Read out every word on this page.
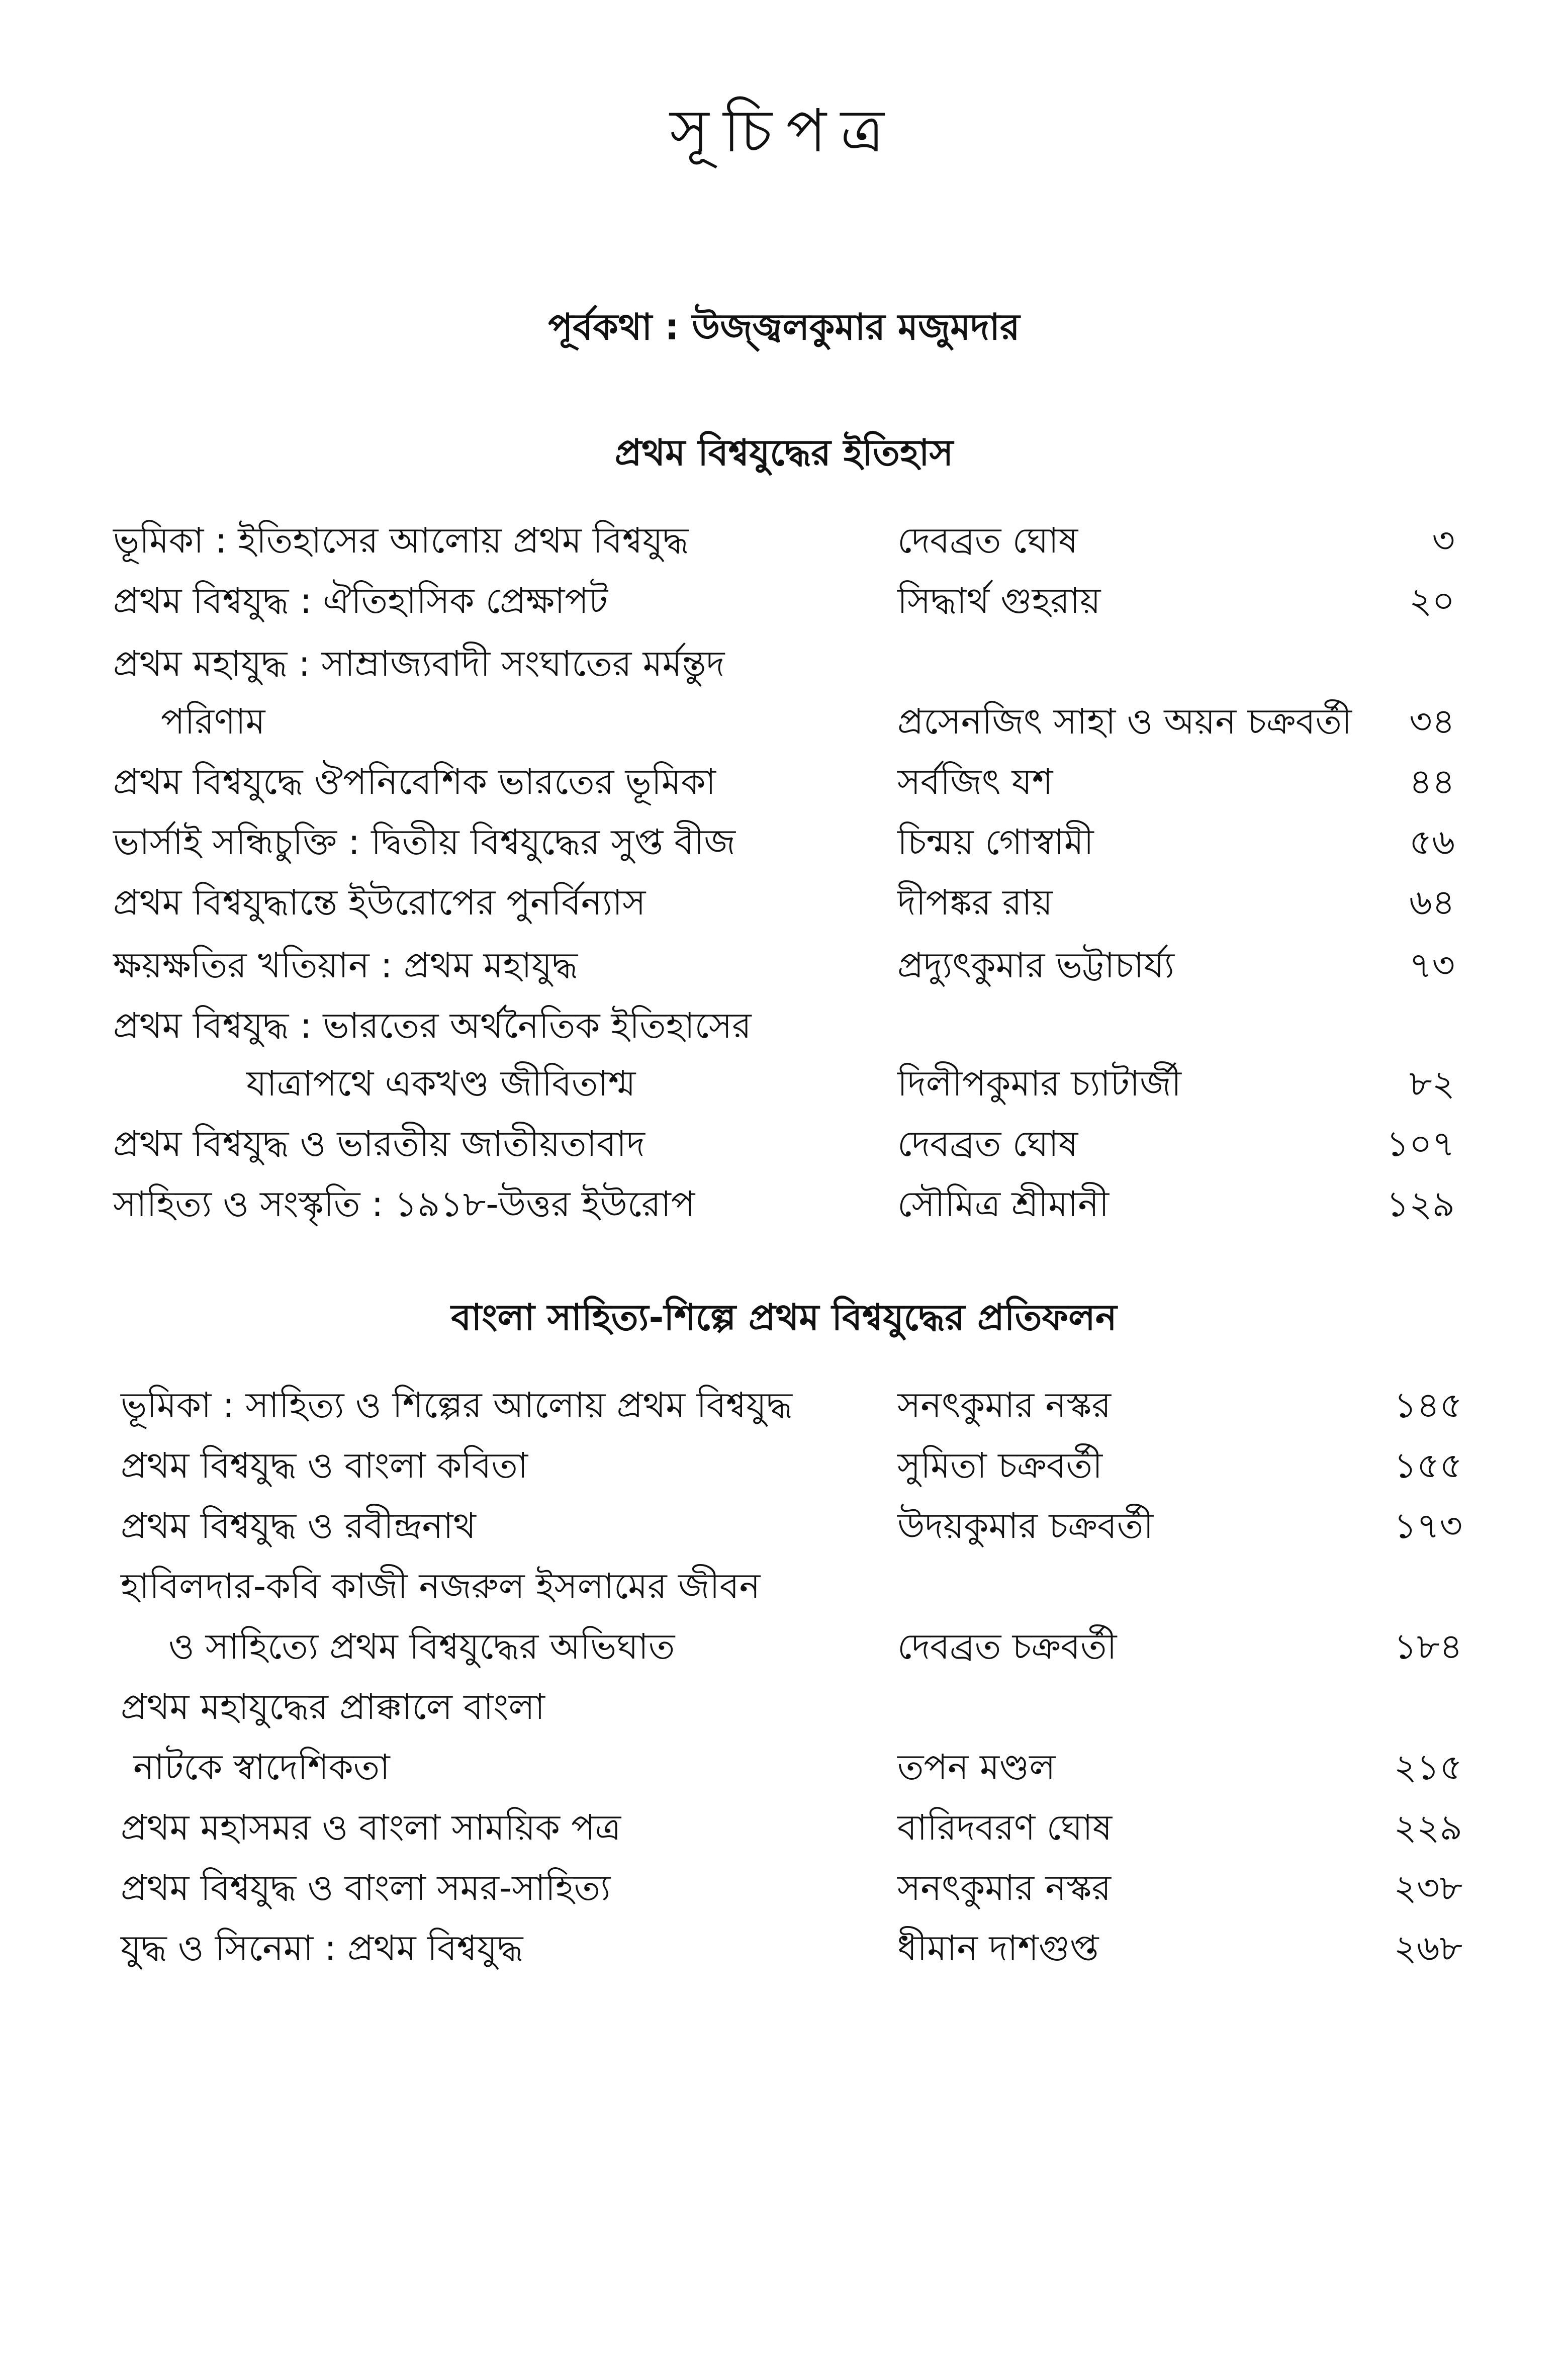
সূচিপত্র
পূর্বকথা : উজ্জ্বলকুমার মজুমদার
প্রথম বিশ্বযুদ্ধের ইতিহাস
বাংলা সাহিত্য-শিল্পে প্রথম বিশ্বযুদ্ধের প্রতিফলন
ভূমিকা : ইতিহাসের আলোয় প্রথম বিশ্বযুদ্ধ	দেবব্রত ঘোষ	৩
প্রথম বিশ্বযুদ্ধ : ঐতিহাসিক প্রেক্ষাপট	সিদ্ধার্থ গুহরায়	২০
প্রথম মহাযুদ্ধ : সাম্রাজ্যবাদী সংঘাতের মর্মন্তুদ
পরিণাম	প্রসেনজিৎ সাহা ও অয়ন চক্রবর্তী ৩৪
প্রথম বিশ্বযুদ্ধে ঔপনিবেশিক ভারতের ভূমিকা	সর্বজিৎ যশ	৪৪
ভার্সাই সন্ধিচুক্তি : দ্বিতীয় বিশ্বযুদ্ধের সুপ্ত বীজ	চিন্ময় গোস্বামী	৫৬
প্রথম বিশ্বযুদ্ধান্তে ইউরোপের পুনর্বিন্যাস	দীপঙ্কর রায়	৬৪
ক্ষয়ক্ষতির খতিয়ান : প্রথম মহাযুদ্ধ	প্রদ্যুৎকুমার ভট্টাচার্য্য	৭৩
প্রথম বিশ্বযুদ্ধ : ভারতের অর্থনৈতিক ইতিহাসের
যাত্রাপথে একখণ্ড জীবিতাশ্ম	দিলীপকুমার চ্যাটার্জী	৮২
প্রথম বিশ্বযুদ্ধ ও ভারতীয় জাতীয়তাবাদ	দেবব্রত ঘোষ	১০৭
সাহিত্য ও সংস্কৃতি : ১৯১৮-উত্তর ইউরোপ	সৌমিত্র শ্রীমানী	১২৯
ভূমিকা : সাহিত্য ও শিল্পের আলোয় প্রথম বিশ্বযুদ্ধ	সনৎকুমার নস্কর	১৪৫
প্রথম বিশ্বযুদ্ধ ও বাংলা কবিতা	সুমিতা চক্রবর্তী	১৫৫
প্রথম বিশ্বযুদ্ধ ও রবীন্দ্রনাথ	উদয়কুমার চক্রবর্তী	১৭৩
হাবিলদার-কবি কাজী নজরুল ইসলামের জীবন
ও সাহিত্যে প্রথম বিশ্বযুদ্ধের অভিঘাত	দেবব্রত চক্রবর্তী	১৮৪
প্রথম মহাযুদ্ধের প্রাক্কালে বাংলা
নাটকে স্বাদেশিকতা	তপন মণ্ডল	২১৫
প্রথম মহাসমর ও বাংলা সাময়িক পত্র	বারিদবরণ ঘোষ	২২৯
প্রথম বিশ্বযুদ্ধ ও বাংলা সমর-সাহিত্য	সনৎকুমার নস্কর	২৩৮
যুদ্ধ ও সিনেমা : প্রথম বিশ্বযুদ্ধ	ধীমান দাশগুপ্ত	২৬৮
